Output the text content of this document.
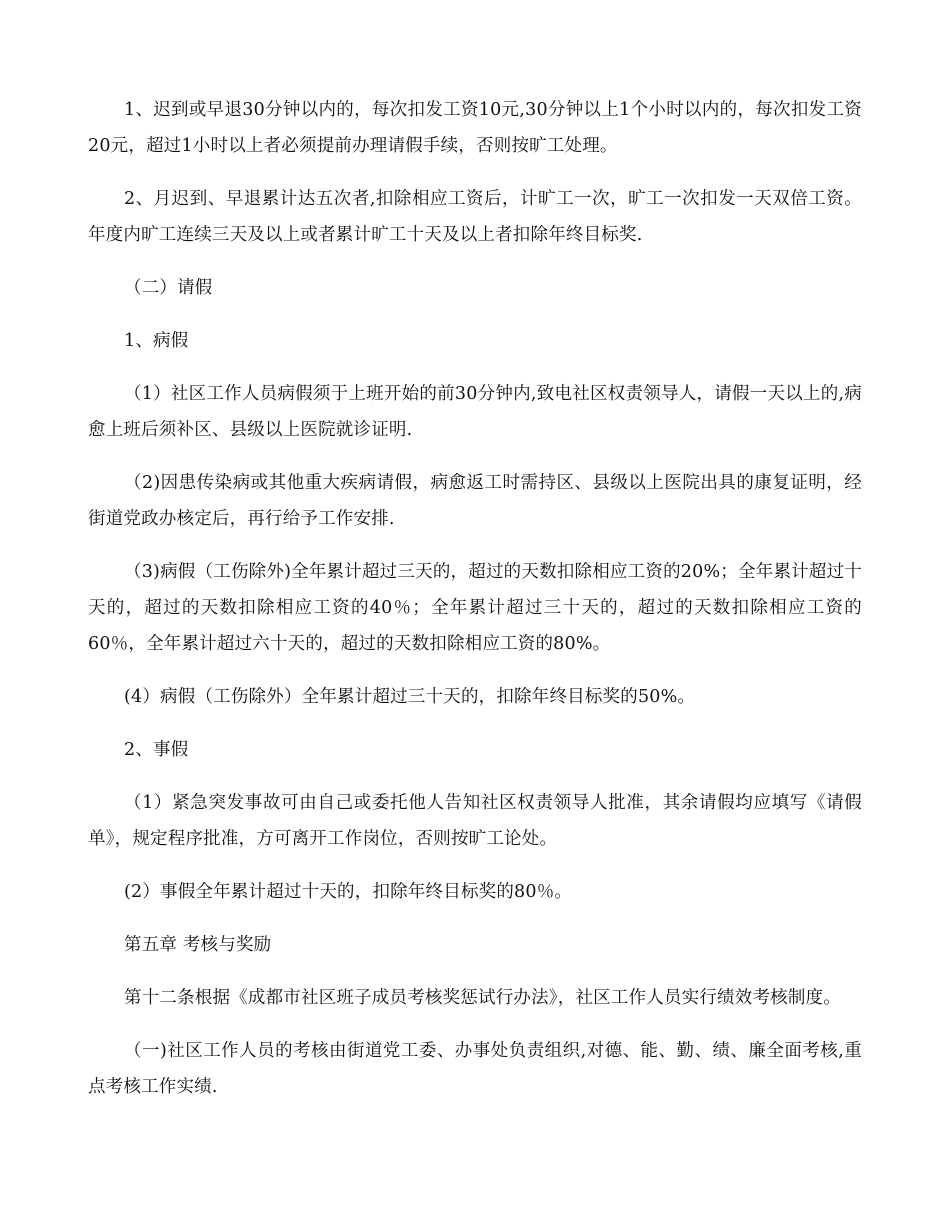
1、迟到或早退30分钟以内的，每次扣发工资10元,30分钟以上1个小时以内的，每次扣发工资20元，超过1小时以上者必须提前办理请假手续，否则按旷工处理。

2、月迟到、早退累计达五次者,扣除相应工资后，计旷工一次，旷工一次扣发一天双倍工资。年度内旷工连续三天及以上或者累计旷工十天及以上者扣除年终目标奖.

（二）请假

1、病假

（1）社区工作人员病假须于上班开始的前30分钟内,致电社区权责领导人，请假一天以上的,病愈上班后须补区、县级以上医院就诊证明.

（2)因患传染病或其他重大疾病请假，病愈返工时需持区、县级以上医院出具的康复证明，经街道党政办核定后，再行给予工作安排.

（3)病假（工伤除外)全年累计超过三天的，超过的天数扣除相应工资的20%；全年累计超过十天的，超过的天数扣除相应工资的40％；全年累计超过三十天的，超过的天数扣除相应工资的60％，全年累计超过六十天的，超过的天数扣除相应工资的80%。

(4）病假（工伤除外）全年累计超过三十天的，扣除年终目标奖的50%。

2、事假

（1）紧急突发事故可由自己或委托他人告知社区权责领导人批准，其余请假均应填写《请假单》，规定程序批准，方可离开工作岗位，否则按旷工论处。

(2）事假全年累计超过十天的，扣除年终目标奖的80％。

第五章 考核与奖励

第十二条根据《成都市社区班子成员考核奖惩试行办法》，社区工作人员实行绩效考核制度。

（一)社区工作人员的考核由街道党工委、办事处负责组织,对德、能、勤、绩、廉全面考核,重点考核工作实绩.
